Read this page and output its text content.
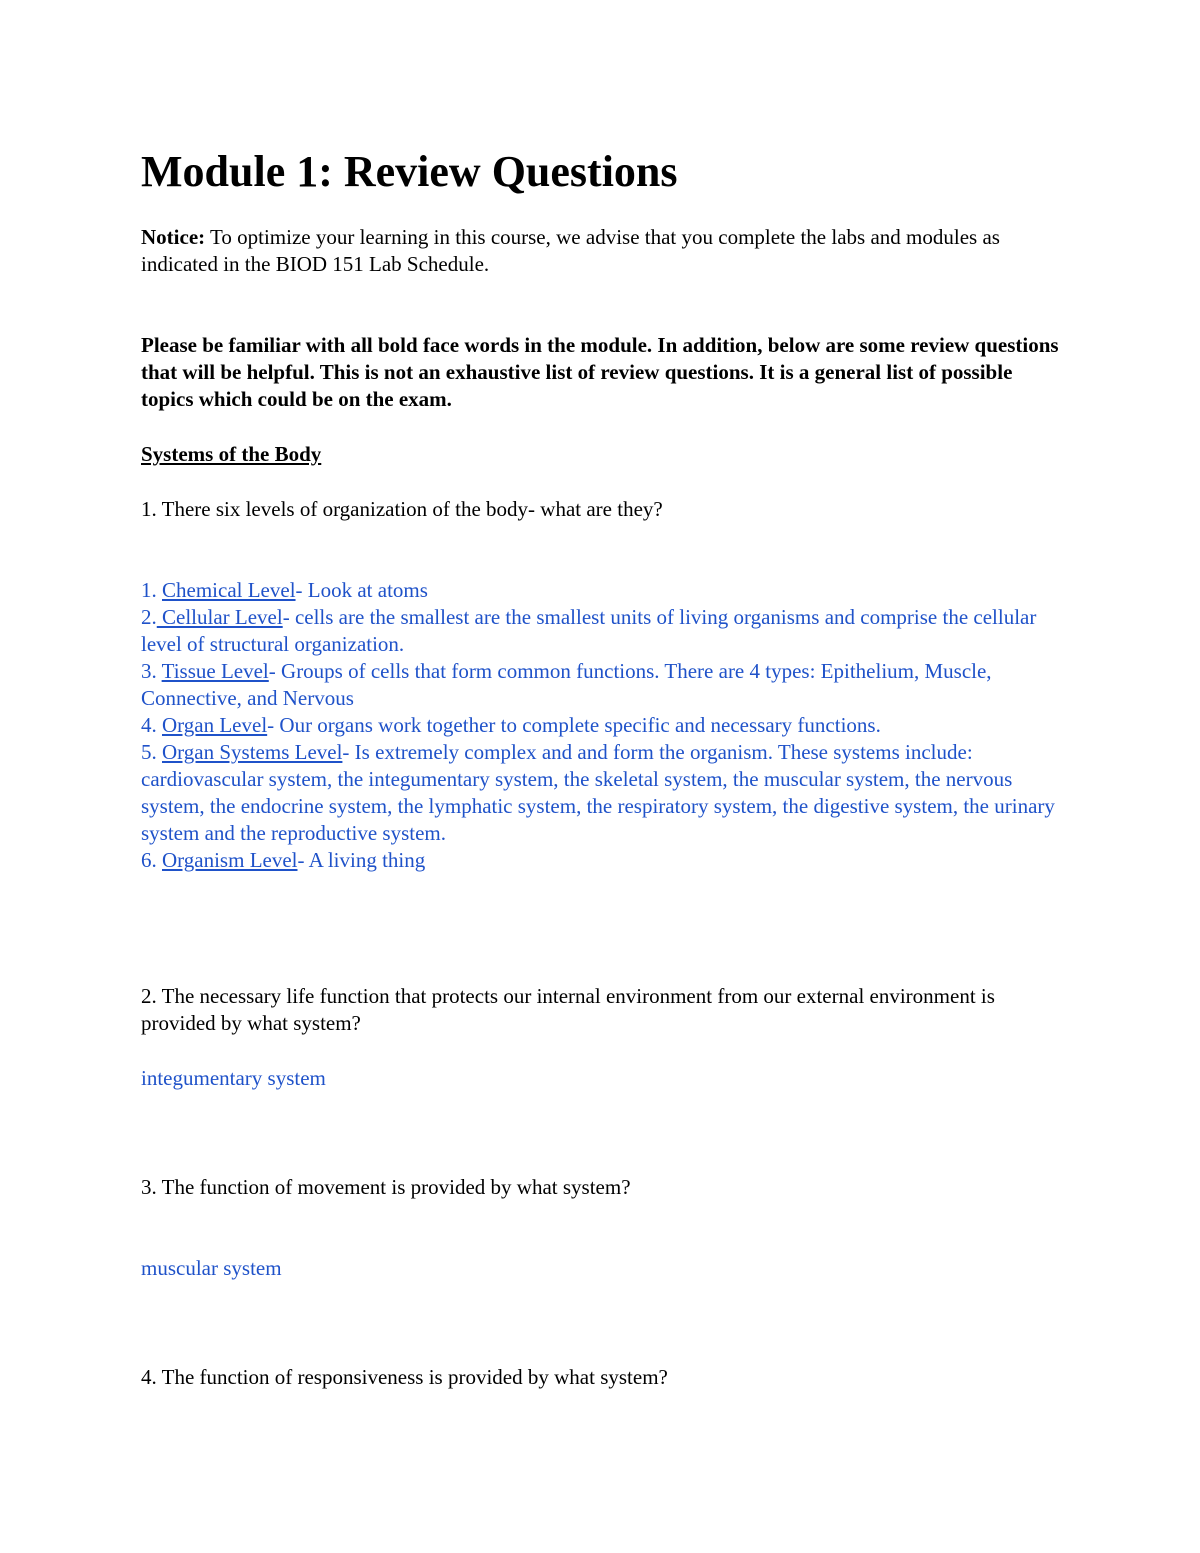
Module 1: Review Questions

Notice: To optimize your learning in this course, we advise that you complete the labs and modules as indicated in the BIOD 151 Lab Schedule.

Please be familiar with all bold face words in the module. In addition, below are some review questions that will be helpful. This is not an exhaustive list of review questions. It is a general list of possible topics which could be on the exam.

Systems of the Body

1. There six levels of organization of the body- what are they?

1. Chemical Level- Look at atoms
2. Cellular Level- cells are the smallest are the smallest units of living organisms and comprise the cellular level of structural organization.
3. Tissue Level- Groups of cells that form common functions. There are 4 types: Epithelium, Muscle, Connective, and Nervous
4. Organ Level- Our organs work together to complete specific and necessary functions.
5. Organ Systems Level- Is extremely complex and and form the organism. These systems include: cardiovascular system, the integumentary system, the skeletal system, the muscular system, the nervous system, the endocrine system, the lymphatic system, the respiratory system, the digestive system, the urinary system and the reproductive system.
6. Organism Level- A living thing

2. The necessary life function that protects our internal environment from our external environment is provided by what system?

integumentary system

3. The function of movement is provided by what system?

muscular system

4. The function of responsiveness is provided by what system?
